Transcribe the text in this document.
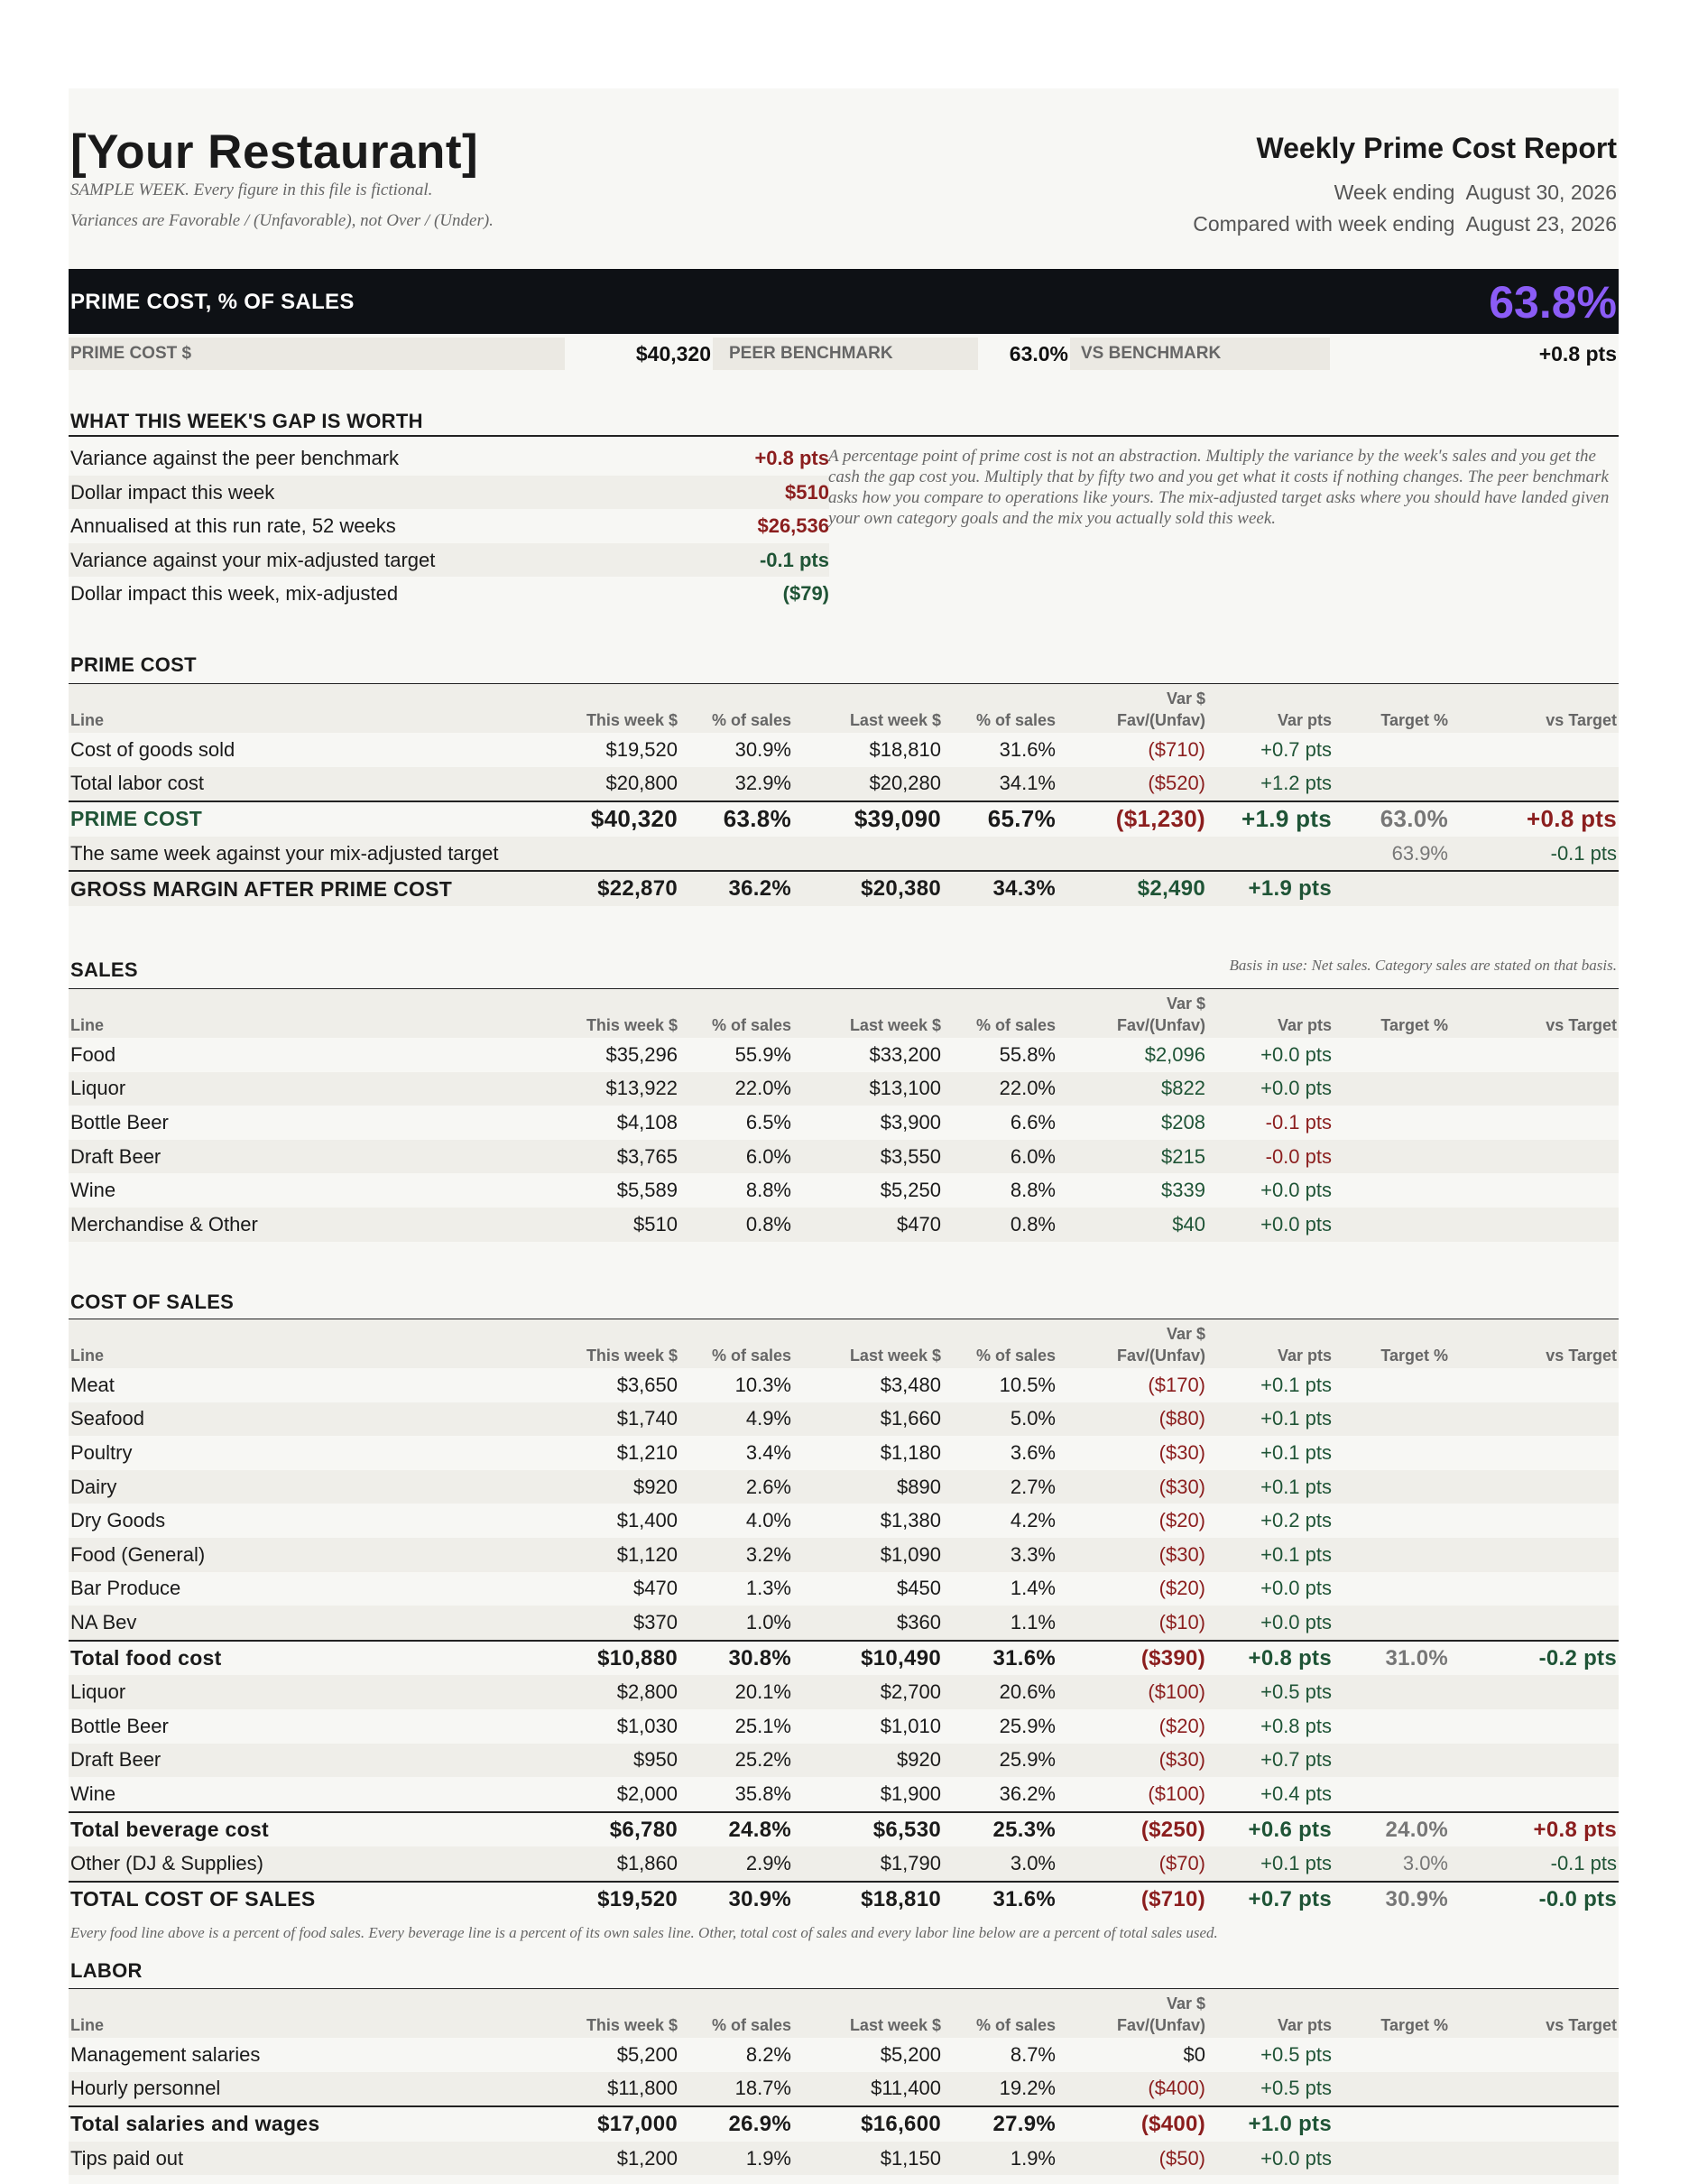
[Your Restaurant]
SAMPLE WEEK. Every figure in this file is fictional.
Variances are Favorable / (Unfavorable), not Over / (Under).
Weekly Prime Cost Report
Week ending August 30, 2026
Compared with week ending August 23, 2026
PRIME COST, % OF SALES	63.8%
PRIME COST $	$40,320	PEER BENCHMARK	63.0% VS BENCHMARK	+0.8 pts
WHAT THIS WEEK'S GAP IS WORTH
Variance against the peer benchmark	+0.8 pts
Dollar impact this week	$510
Annualised at this run rate, 52 weeks	$26,536
Variance against your mix-adjusted target	-0.1 pts
Dollar impact this week, mix-adjusted	($79)
A percentage point of prime cost is not an abstraction. Multiply the variance by the week's sales and you get the cash the gap cost you. Multiply that by fifty two and you get what it costs if nothing changes. The peer benchmark asks how you compare to operations like yours. The mix-adjusted target asks where you should have landed given your own category goals and the mix you actually sold this week.
PRIME COST
Line	This week $	% of sales	Last week $	% of sales	Var $
Fav/(Unfav)	Var pts	Target %	vs Target
Cost of goods sold	$19,520	30.9%	$18,810	31.6%	($710)	+0.7 pts		
Total labor cost	$20,800	32.9%	$20,280	34.1%	($520)	+1.2 pts		
PRIME COST	$40,320	63.8%	$39,090	65.7%	($1,230)	+1.9 pts	63.0%	+0.8 pts
The same week against your mix-adjusted target							63.9%	-0.1 pts
GROSS MARGIN AFTER PRIME COST	$22,870	36.2%	$20,380	34.3%	$2,490	+1.9 pts		
SALES	Basis in use: Net sales. Category sales are stated on that basis.
Line	This week $	% of sales	Last week $	% of sales	Var $
Fav/(Unfav)	Var pts	Target %	vs Target
Food	$35,296	55.9%	$33,200	55.8%	$2,096	+0.0 pts		
Liquor	$13,922	22.0%	$13,100	22.0%	$822	+0.0 pts		
Bottle Beer	$4,108	6.5%	$3,900	6.6%	$208	-0.1 pts		
Draft Beer	$3,765	6.0%	$3,550	6.0%	$215	-0.0 pts		
Wine	$5,589	8.8%	$5,250	8.8%	$339	+0.0 pts		
Merchandise & Other	$510	0.8%	$470	0.8%	$40	+0.0 pts		
COST OF SALES
Line	This week $	% of sales	Last week $	% of sales	Var $
Fav/(Unfav)	Var pts	Target %	vs Target
Meat	$3,650	10.3%	$3,480	10.5%	($170)	+0.1 pts		
Seafood	$1,740	4.9%	$1,660	5.0%	($80)	+0.1 pts		
Poultry	$1,210	3.4%	$1,180	3.6%	($30)	+0.1 pts		
Dairy	$920	2.6%	$890	2.7%	($30)	+0.1 pts		
Dry Goods	$1,400	4.0%	$1,380	4.2%	($20)	+0.2 pts		
Food (General)	$1,120	3.2%	$1,090	3.3%	($30)	+0.1 pts		
Bar Produce	$470	1.3%	$450	1.4%	($20)	+0.0 pts		
NA Bev	$370	1.0%	$360	1.1%	($10)	+0.0 pts		
Total food cost	$10,880	30.8%	$10,490	31.6%	($390)	+0.8 pts	31.0%	-0.2 pts
Liquor	$2,800	20.1%	$2,700	20.6%	($100)	+0.5 pts		
Bottle Beer	$1,030	25.1%	$1,010	25.9%	($20)	+0.8 pts		
Draft Beer	$950	25.2%	$920	25.9%	($30)	+0.7 pts		
Wine	$2,000	35.8%	$1,900	36.2%	($100)	+0.4 pts		
Total beverage cost	$6,780	24.8%	$6,530	25.3%	($250)	+0.6 pts	24.0%	+0.8 pts
Other (DJ & Supplies)	$1,860	2.9%	$1,790	3.0%	($70)	+0.1 pts	3.0%	-0.1 pts
TOTAL COST OF SALES	$19,520	30.9%	$18,810	31.6%	($710)	+0.7 pts	30.9%	-0.0 pts
Every food line above is a percent of food sales. Every beverage line is a percent of its own sales line. Other, total cost of sales and every labor line below are a percent of total sales used.
LABOR
Line	This week $	% of sales	Last week $	% of sales	Var $
Fav/(Unfav)	Var pts	Target %	vs Target
Management salaries	$5,200	8.2%	$5,200	8.7%	$0	+0.5 pts		
Hourly personnel	$11,800	18.7%	$11,400	19.2%	($400)	+0.5 pts		
Total salaries and wages	$17,000	26.9%	$16,600	27.9%	($400)	+1.0 pts		
Tips paid out	$1,200	1.9%	$1,150	1.9%	($50)	+0.0 pts		
